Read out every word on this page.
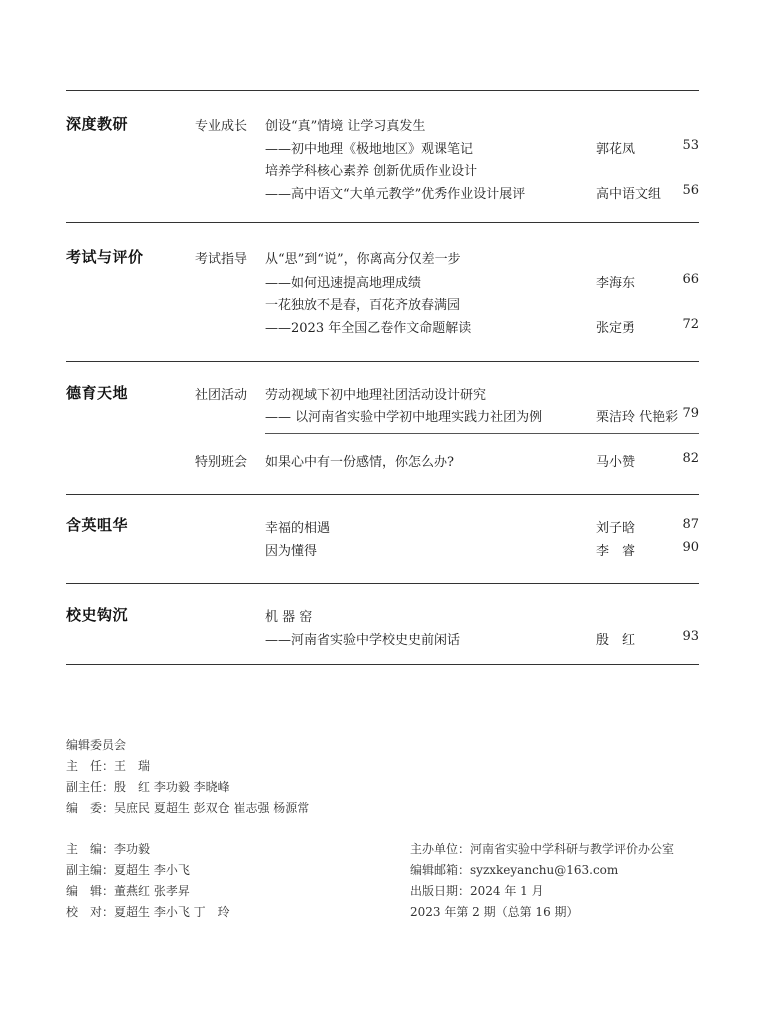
深度教研	专业成长 创设“真”情境 让学习真发生
——初中地理《极地地区》观课笔记	郭花凤	53
培养学科核心素养 创新优质作业设计
——高中语文“大单元教学”优秀作业设计展评	高中语文组 56
考试与评价	考试指导 从“思”到“说”，你离高分仅差一步
——如何迅速提高地理成绩	李海东	66
一花独放不是春，百花齐放春满园
——2023 年全国乙卷作文命题解读	张定勇	72
德育天地	社团活动 劳动视域下初中地理社团活动设计研究
—— 以河南省实验中学初中地理实践力社团为例	栗洁玲 代艳彩 79
特别班会 如果心中有一份感情，你怎么办?	马小赞	82
含英咀华	幸福的相遇	刘子晗	87
因为懂得	李　睿	90
校史钩沉	机 器 窑
——河南省实验中学校史史前闲话	殷　红	93
编辑委员会
主　任：王　瑞
副主任：殷　红 李功毅 李晓峰
编　委：吴庶民 夏超生 彭双仓 崔志强 杨源常
主　编：李功毅
副主编：夏超生 李小飞
编　辑：董燕红 张孝昇
校　对：夏超生 李小飞 丁　玲
主办单位：河南省实验中学科研与教学评价办公室
编辑邮箱：syzxkeyanchu@163.com
出版日期：2024 年 1 月
2023 年第 2 期（总第 16 期）
